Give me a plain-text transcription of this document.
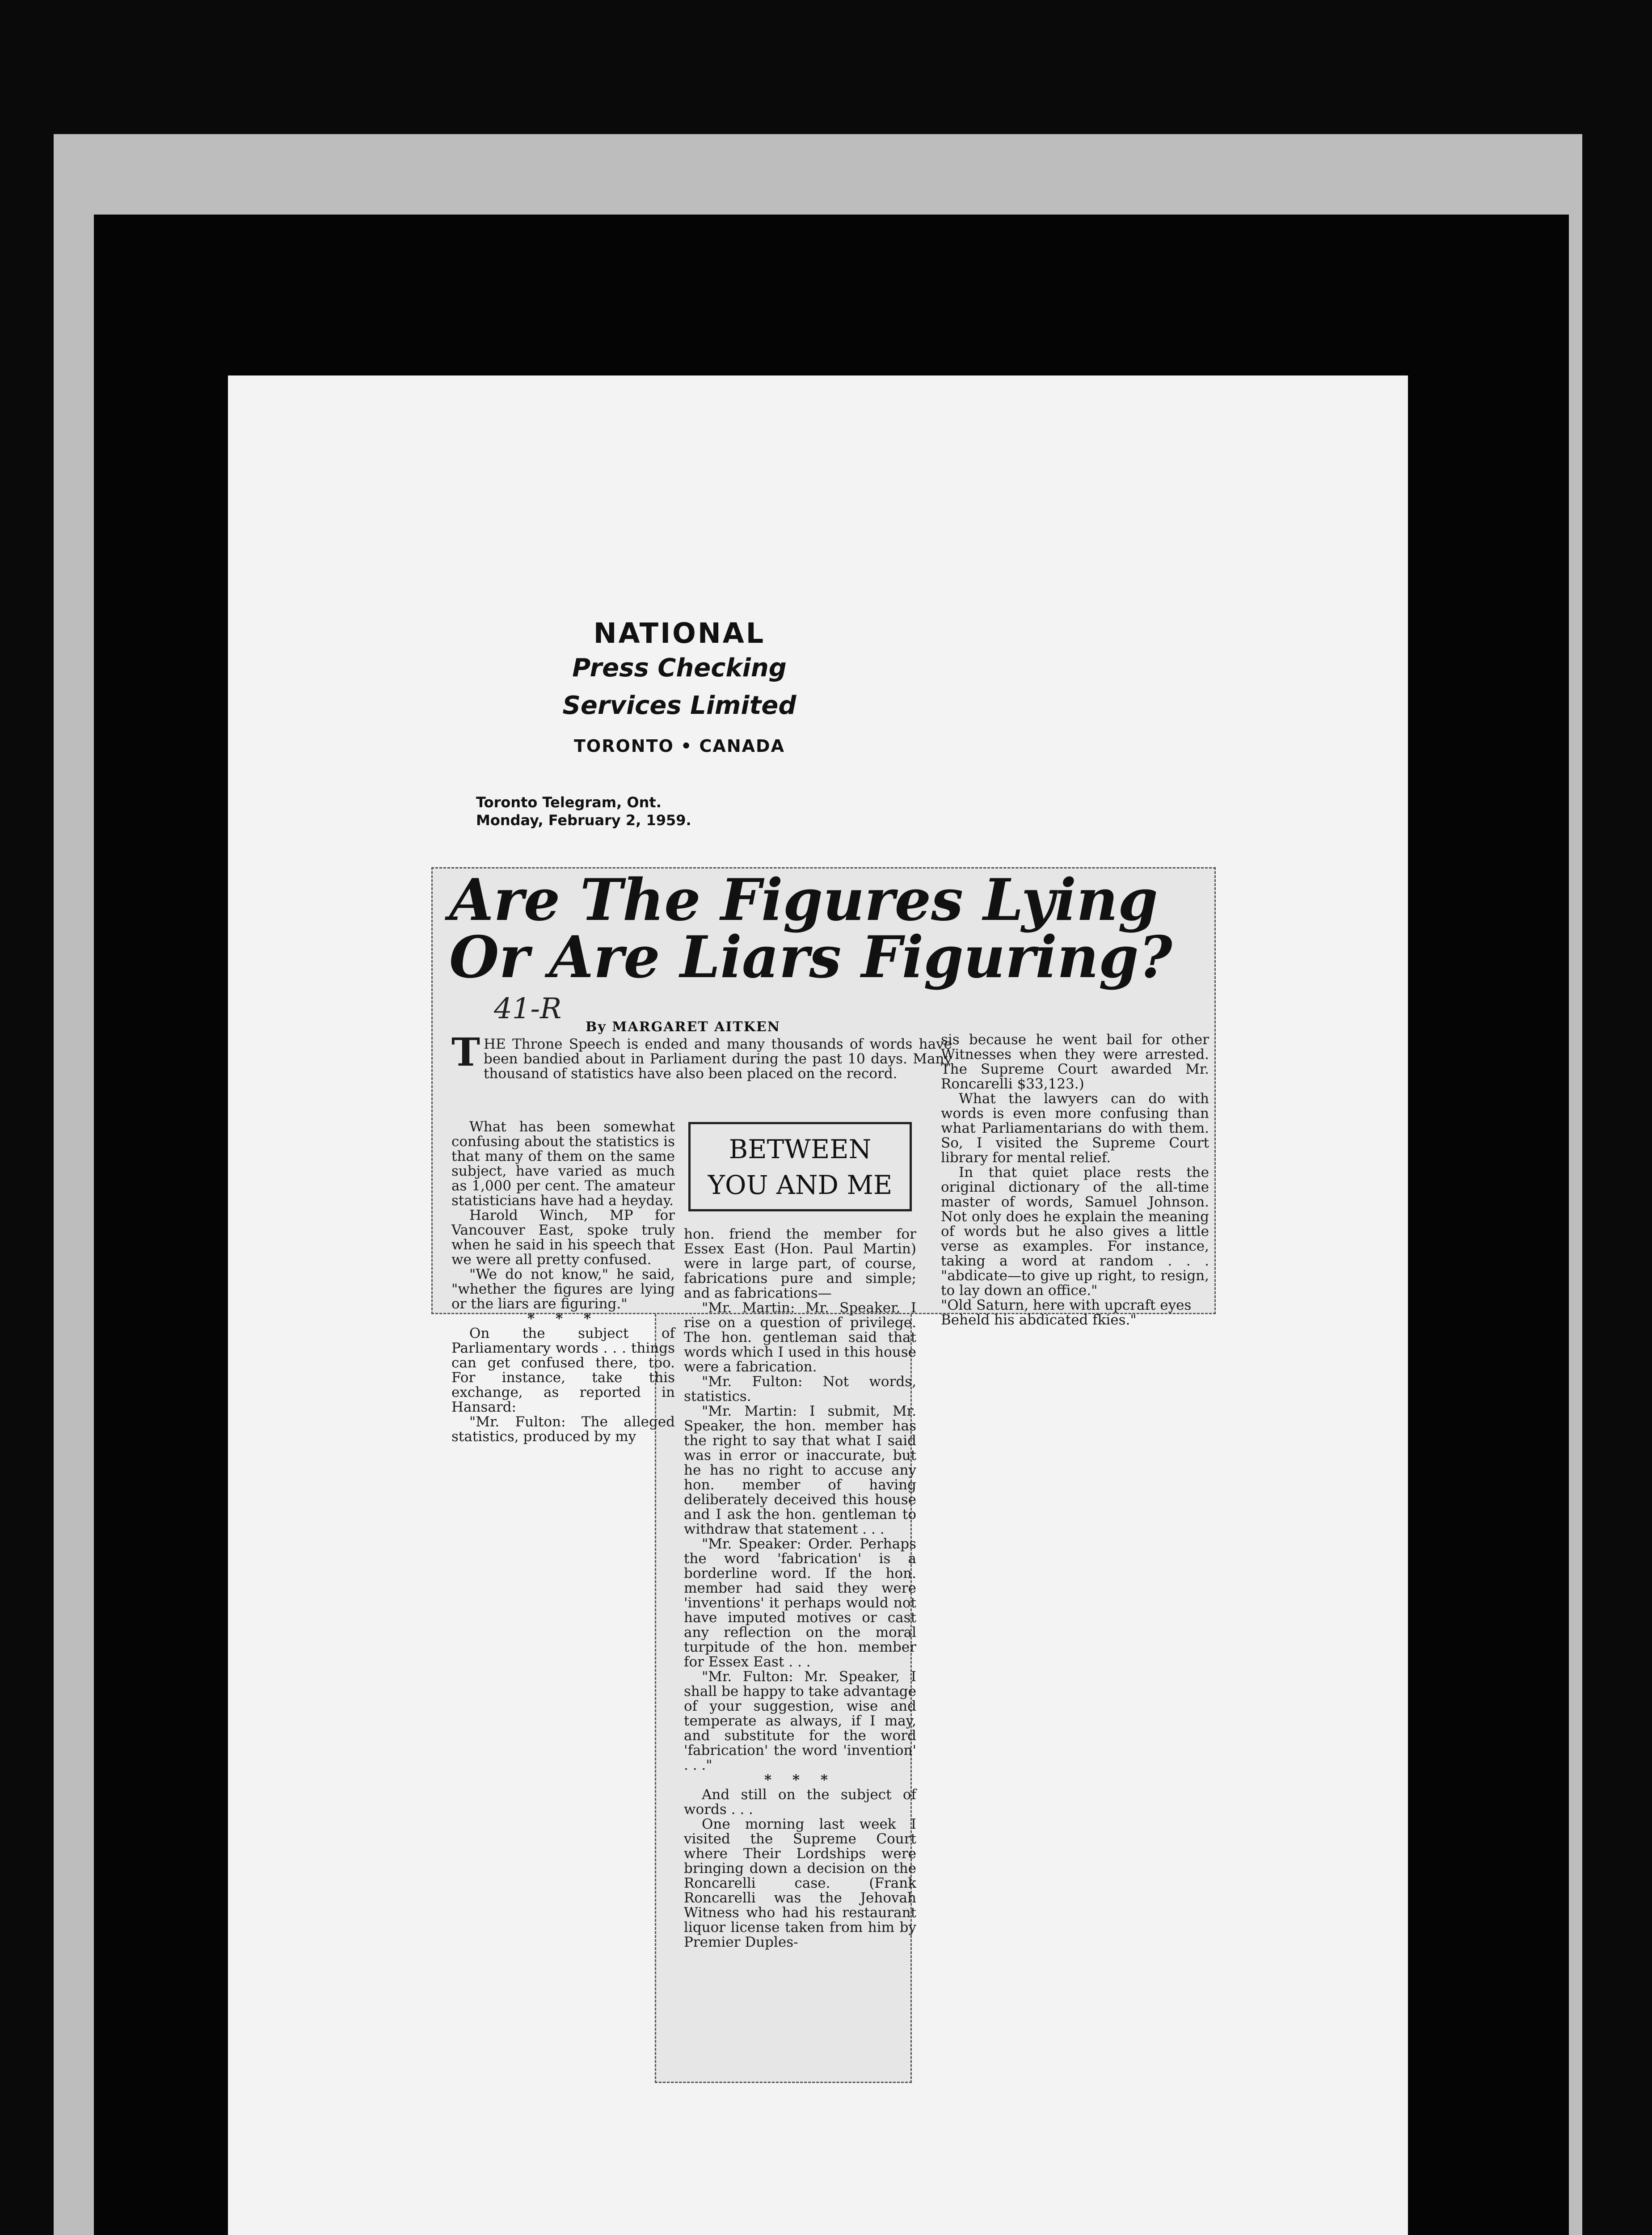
NATIONAL
Press Checking
Services Limited
TORONTO • CANADA
Toronto Telegram, Ont.
Monday, February 2, 1959.
Are The Figures Lying
Or Are Liars Figuring?
41-R
By MARGARET AITKEN
THE Throne Speech is ended and many thousands of words have been bandied about in Parliament during the past 10 days. Many thousand of statistics have also been placed on the record.
BETWEEN
YOU AND ME

What has been somewhat confusing about the statistics is that many of them on the same subject, have varied as much as 1,000 per cent. The amateur statisticians have had a heyday.

Harold Winch, MP for Vancouver East, spoke truly when he said in his speech that we were all pretty confused.

"We do not know," he said, "whether the figures are lying or the liars are figuring."

* * *

On the subject of Parliamentary words . . . things can get confused there, too. For instance, take this exchange, as reported in Hansard:

"Mr. Fulton: The alleged statistics, produced by my

hon. friend the member for Essex East (Hon. Paul Martin) were in large part, of course, fabrications pure and simple; and as fabrications—

"Mr. Martin: Mr. Speaker, I rise on a question of privilege. The hon. gentleman said that words which I used in this house were a fabrication.

"Mr. Fulton: Not words, statistics.

"Mr. Martin: I submit, Mr. Speaker, the hon. member has the right to say that what I said was in error or inaccurate, but he has no right to accuse any hon. member of having deliberately deceived this house and I ask the hon. gentleman to withdraw that statement . . .

"Mr. Speaker: Order. Perhaps the word 'fabrication' is a borderline word. If the hon. member had said they were 'inventions' it perhaps would not have imputed motives or cast any reflection on the moral turpitude of the hon. member for Essex East . . .

"Mr. Fulton: Mr. Speaker, I shall be happy to take advantage of your suggestion, wise and temperate as always, if I may, and substitute for the word 'fabrication' the word 'invention' . . ."

* * *

And still on the subject of words . . .

One morning last week I visited the Supreme Court where Their Lordships were bringing down a decision on the Roncarelli case. (Frank Roncarelli was the Jehovah Witness who had his restaurant liquor license taken from him by Premier Duples-

sis because he went bail for other Witnesses when they were arrested. The Supreme Court awarded Mr. Roncarelli $33,123.)

What the lawyers can do with words is even more confusing than what Parliamentarians do with them. So, I visited the Supreme Court library for mental relief.

In that quiet place rests the original dictionary of the all-time master of words, Samuel Johnson. Not only does he explain the meaning of words but he also gives a little verse as examples. For instance, taking a word at random . . . "abdicate—to give up right, to resign, to lay down an office."

"Old Saturn, here with upcraft eyes

Beheld his abdicated fkies."
